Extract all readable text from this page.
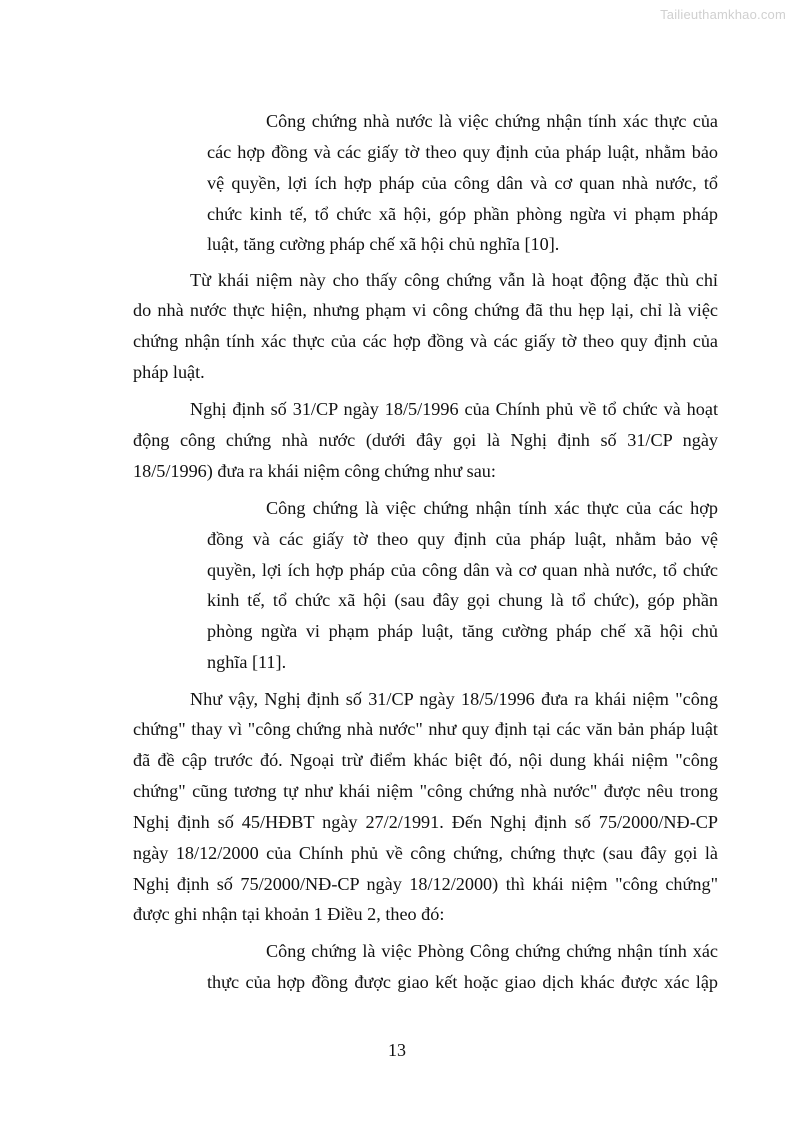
Tailieuthamkhao.com
Công chứng nhà nước là việc chứng nhận tính xác thực của
các hợp đồng và các giấy tờ theo quy định của pháp luật, nhằm bảo
vệ quyền, lợi ích hợp pháp của công dân và cơ quan nhà nước, tổ
chức kinh tế, tổ chức xã hội, góp phần phòng ngừa vi phạm pháp
luật, tăng cường pháp chế xã hội chủ nghĩa [10].
Từ khái niệm này cho thấy công chứng vẫn là hoạt động đặc thù chỉ
do nhà nước thực hiện, nhưng phạm vi công chứng đã thu hẹp lại, chỉ là việc
chứng nhận tính xác thực của các hợp đồng và các giấy tờ theo quy định của
pháp luật.
Nghị định số 31/CP ngày 18/5/1996 của Chính phủ về tổ chức và hoạt
động công chứng nhà nước (dưới đây gọi là Nghị định số 31/CP ngày
18/5/1996) đưa ra khái niệm công chứng như sau:
Công chứng là việc chứng nhận tính xác thực của các hợp
đồng và các giấy tờ theo quy định của pháp luật, nhằm bảo vệ
quyền, lợi ích hợp pháp của công dân và cơ quan nhà nước, tổ chức
kinh tế, tổ chức xã hội (sau đây gọi chung là tổ chức), góp phần
phòng ngừa vi phạm pháp luật, tăng cường pháp chế xã hội chủ
nghĩa [11].
Như vậy, Nghị định số 31/CP ngày 18/5/1996 đưa ra khái niệm "công
chứng" thay vì "công chứng nhà nước" như quy định tại các văn bản pháp luật
đã đề cập trước đó. Ngoại trừ điểm khác biệt đó, nội dung khái niệm "công
chứng" cũng tương tự như khái niệm "công chứng nhà nước" được nêu trong
Nghị định số 45/HĐBT ngày 27/2/1991. Đến Nghị định số 75/2000/NĐ-CP
ngày 18/12/2000 của Chính phủ về công chứng, chứng thực (sau đây gọi là
Nghị định số 75/2000/NĐ-CP ngày 18/12/2000) thì khái niệm "công chứng"
được ghi nhận tại khoản 1 Điều 2, theo đó:
Công chứng là việc Phòng Công chứng chứng nhận tính xác
thực của hợp đồng được giao kết hoặc giao dịch khác được xác lập
13
